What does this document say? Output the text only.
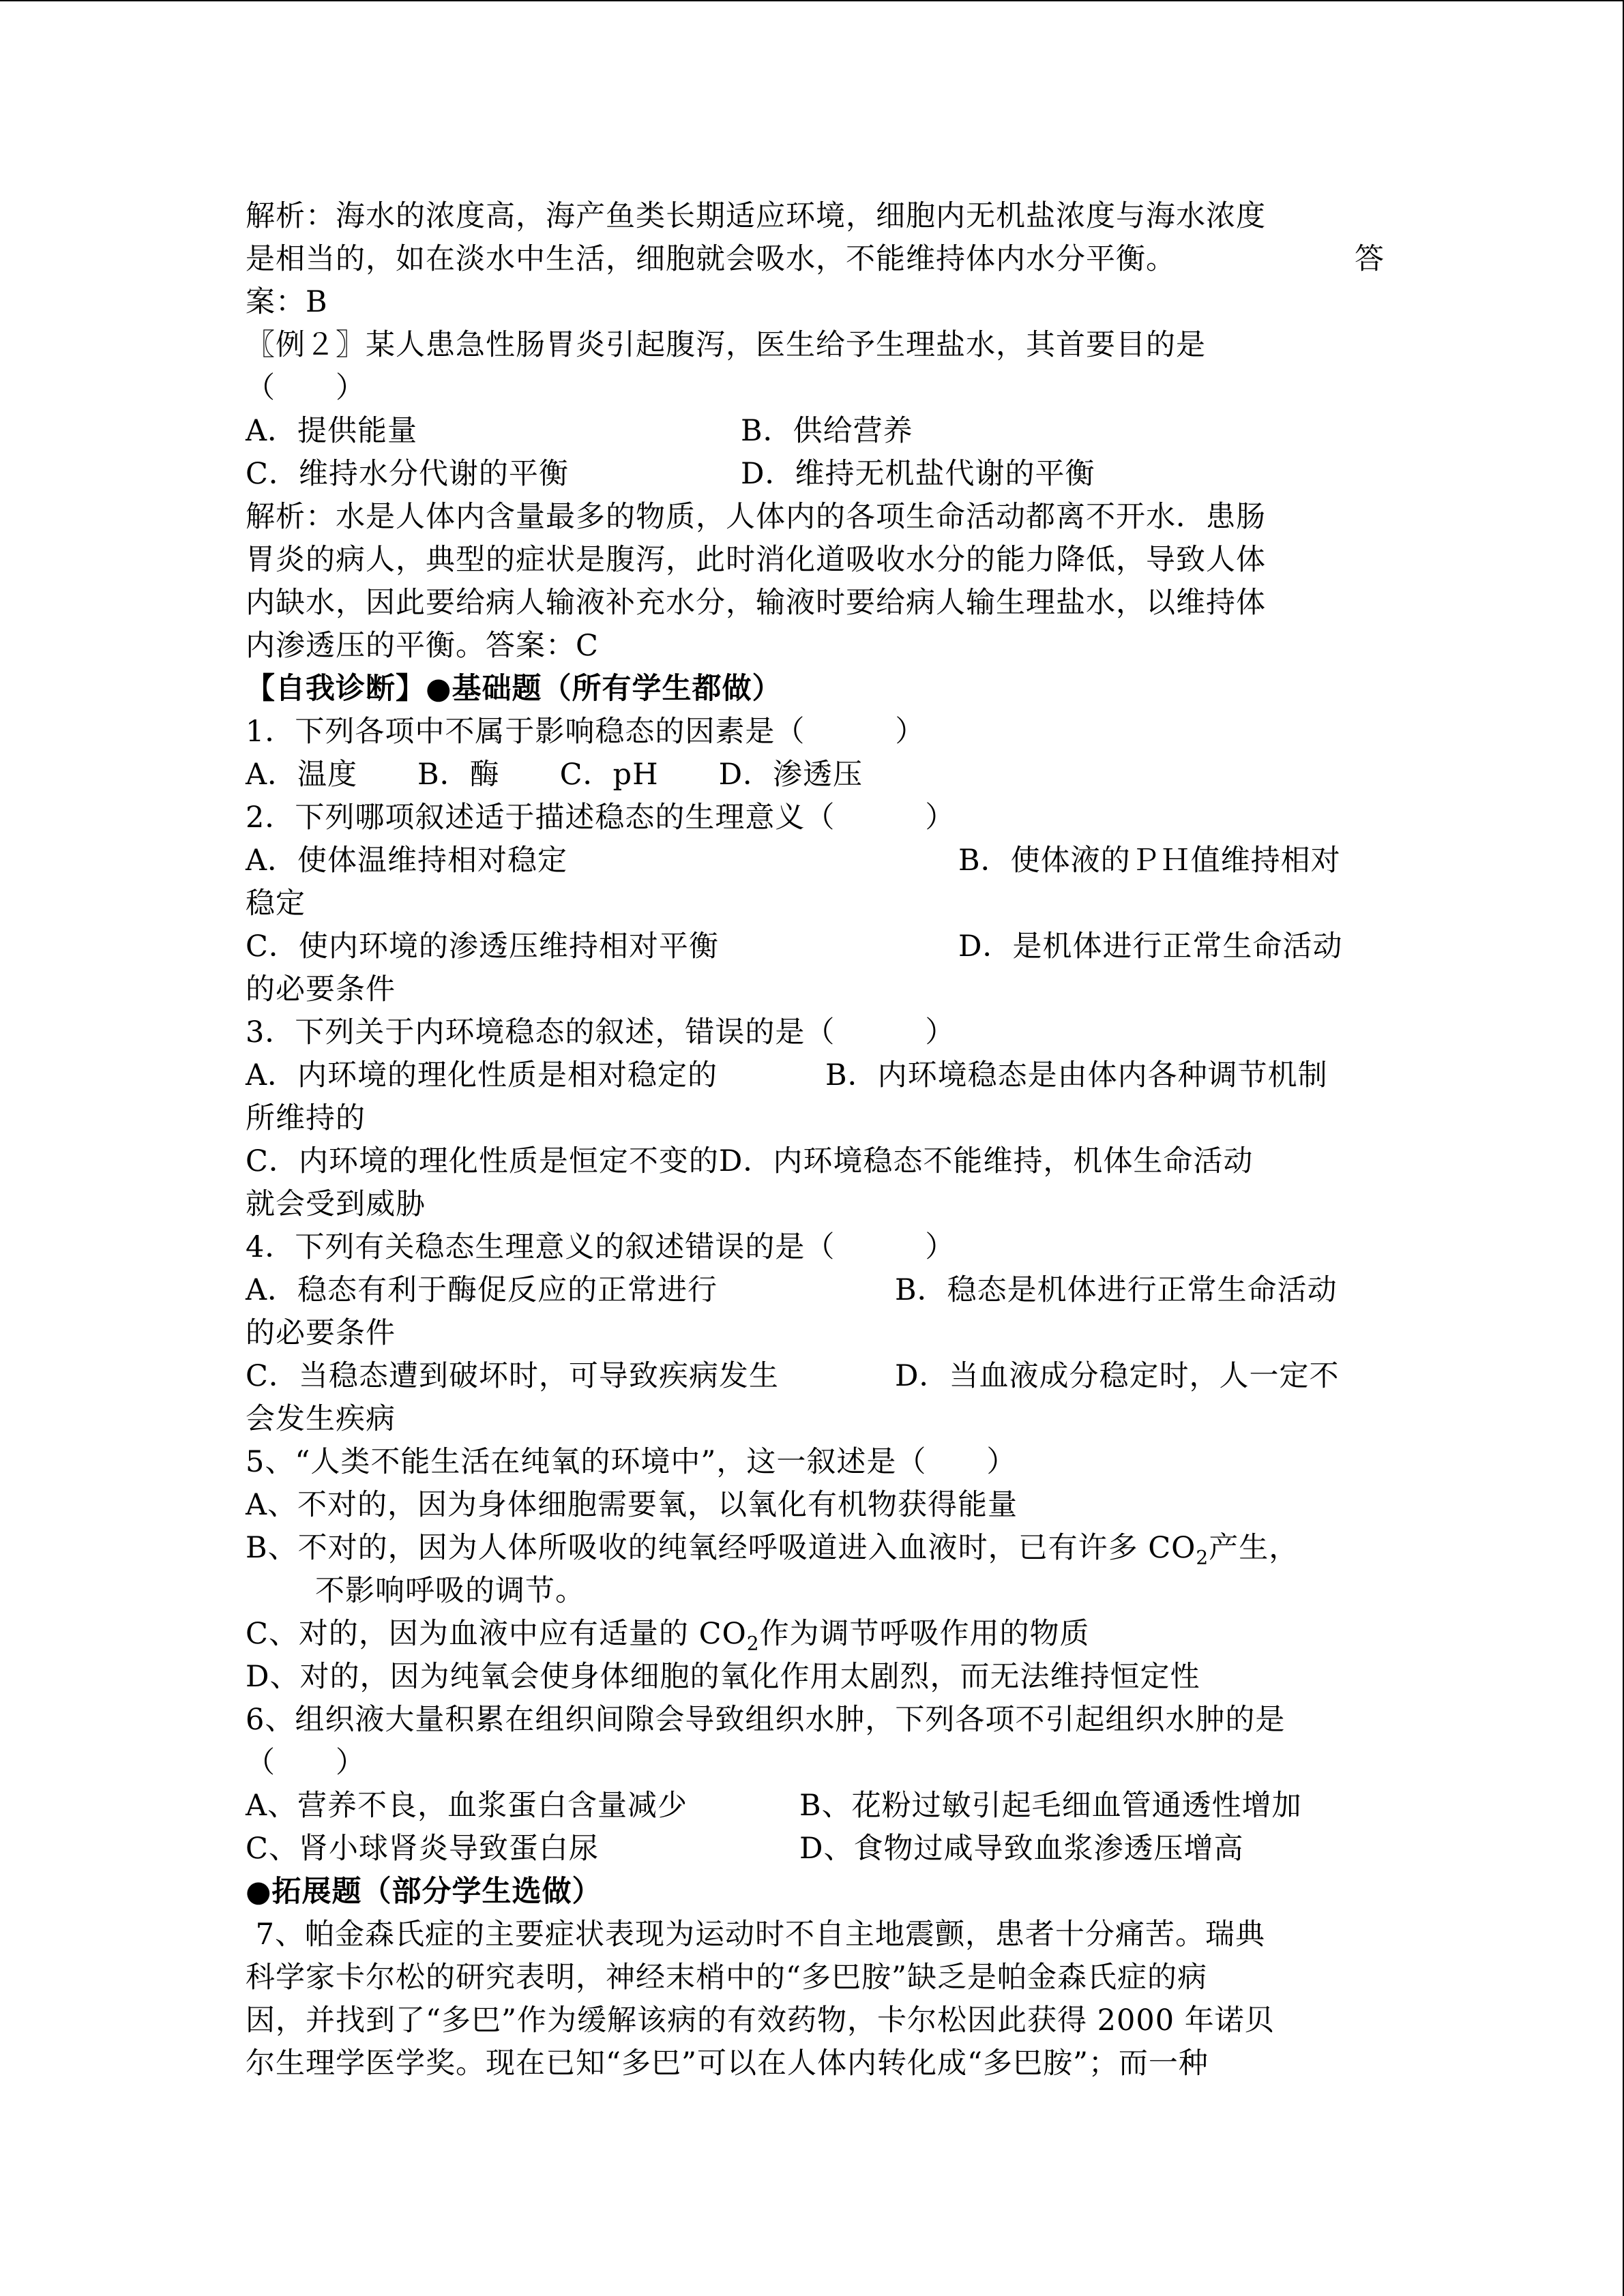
解析：海水的浓度高，海产鱼类长期适应环境，细胞内无机盐浓度与海水浓度
是相当的，如在淡水中生活，细胞就会吸水，不能维持体内水分平衡。	答
案：B
〖例２〗某人患急性肠胃炎引起腹泻，医生给予生理盐水，其首要目的是
（　　）
A．提供能量	B．供给营养
C．维持水分代谢的平衡	D．维持无机盐代谢的平衡
解析：水是人体内含量最多的物质，人体内的各项生命活动都离不开水．患肠
胃炎的病人，典型的症状是腹泻，此时消化道吸收水分的能力降低，导致人体
内缺水，因此要给病人输液补充水分，输液时要给病人输生理盐水，以维持体
内渗透压的平衡。答案：C
【自我诊断】●基础题（所有学生都做）
1．下列各项中不属于影响稳态的因素是（　　　）
A．温度　　B．酶　　C．pH　　D．渗透压
2．下列哪项叙述适于描述稳态的生理意义（　　　）
A．使体温维持相对稳定	B．使体液的ＰＨ值维持相对
稳定
C．使内环境的渗透压维持相对平衡	D．是机体进行正常生命活动
的必要条件
3．下列关于内环境稳态的叙述，错误的是（　　　）
A．内环境的理化性质是相对稳定的	B．内环境稳态是由体内各种调节机制
所维持的
C．内环境的理化性质是恒定不变的D．内环境稳态不能维持，机体生命活动
就会受到威胁
4．下列有关稳态生理意义的叙述错误的是（　　　）
A．稳态有利于酶促反应的正常进行	B．稳态是机体进行正常生命活动
的必要条件
C．当稳态遭到破坏时，可导致疾病发生	D．当血液成分稳定时，人一定不
会发生疾病
5、“人类不能生活在纯氧的环境中”，这一叙述是（　　）
A、不对的，因为身体细胞需要氧，以氧化有机物获得能量
B、不对的，因为人体所吸收的纯氧经呼吸道进入血液时，已有许多 $CO_2$产生，
不影响呼吸的调节。
C、对的，因为血液中应有适量的 $CO_2$作为调节呼吸作用的物质
D、对的，因为纯氧会使身体细胞的氧化作用太剧烈，而无法维持恒定性
6、组织液大量积累在组织间隙会导致组织水肿，下列各项不引起组织水肿的是
（　　）
A、营养不良，血浆蛋白含量减少	B、花粉过敏引起毛细血管通透性增加
C、肾小球肾炎导致蛋白尿	D、食物过咸导致血浆渗透压增高
●拓展题（部分学生选做）
7、帕金森氏症的主要症状表现为运动时不自主地震颤，患者十分痛苦。瑞典
科学家卡尔松的研究表明，神经末梢中的“多巴胺”缺乏是帕金森氏症的病
因，并找到了“多巴”作为缓解该病的有效药物，卡尔松因此获得 2000 年诺贝
尔生理学医学奖。现在已知“多巴”可以在人体内转化成“多巴胺”；而一种
